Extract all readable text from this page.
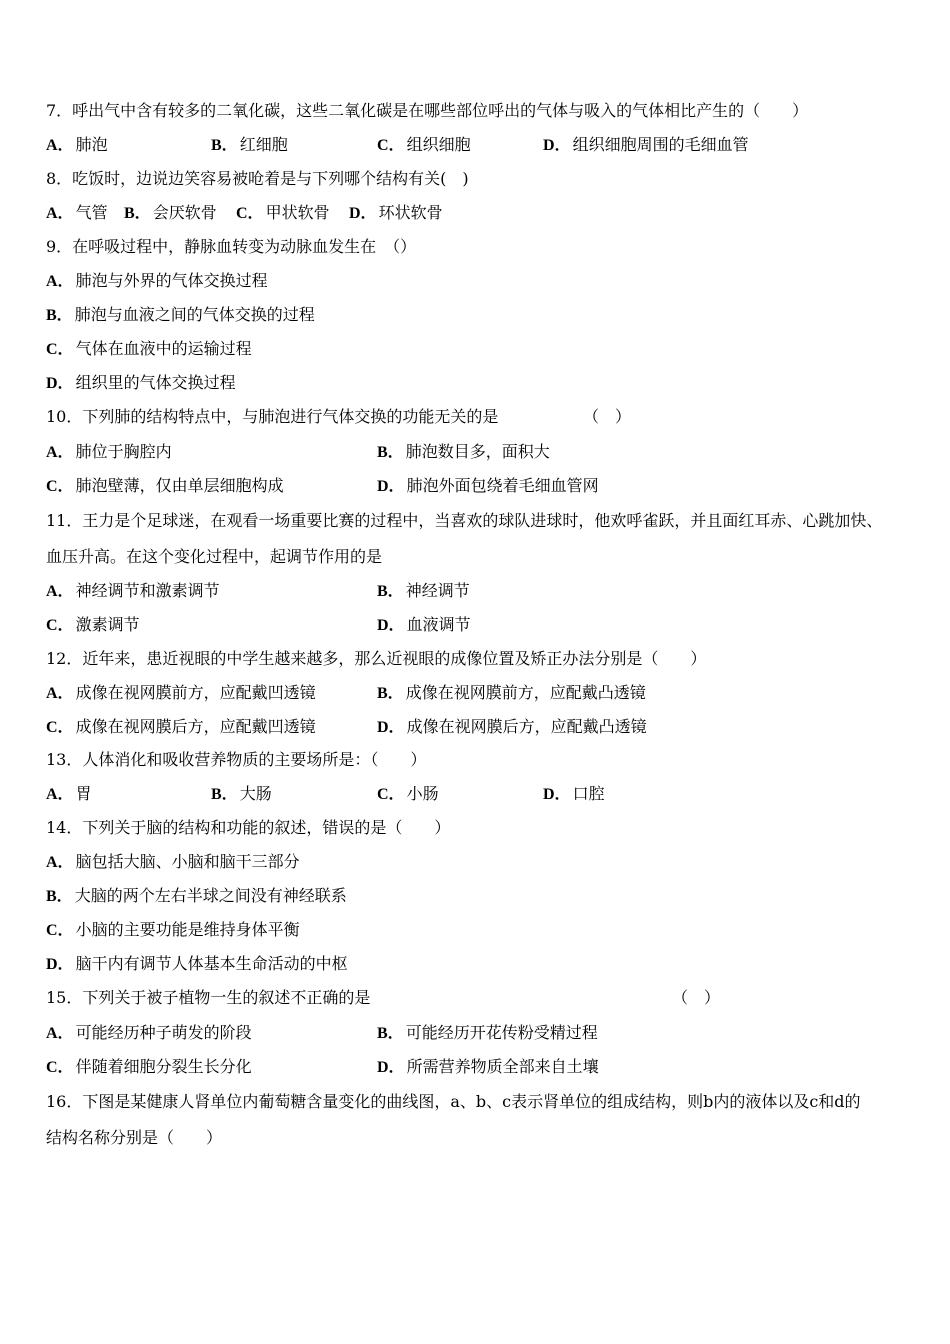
7．呼出气中含有较多的二氧化碳，这些二氧化碳是在哪些部位呼出的气体与吸入的气体相比产生的（　　）
A． 肺泡	B． 红细胞	C． 组织细胞	D． 组织细胞周围的毛细血管
8．吃饭时，边说边笑容易被呛着是与下列哪个结构有关(　)
A． 气管 B． 会厌软骨 C． 甲状软骨 D． 环状软骨
9．在呼吸过程中，静脉血转变为动脉血发生在　（）
A． 肺泡与外界的气体交换过程
B． 肺泡与血液之间的气体交换的过程
C． 气体在血液中的运输过程
D． 组织里的气体交换过程
10．下列肺的结构特点中，与肺泡进行气体交换的功能无关的是	（　）
A． 肺位于胸腔内	B． 肺泡数目多，面积大
C． 肺泡壁薄，仅由单层细胞构成	D． 肺泡外面包绕着毛细血管网
11．王力是个足球迷，在观看一场重要比赛的过程中，当喜欢的球队进球时，他欢呼雀跃，并且面红耳赤、心跳加快、
血压升高。在这个变化过程中，起调节作用的是
A． 神经调节和激素调节	B． 神经调节
C． 激素调节	D． 血液调节
12．近年来，患近视眼的中学生越来越多，那么近视眼的成像位置及矫正办法分别是（　　）
A． 成像在视网膜前方，应配戴凹透镜	B． 成像在视网膜前方，应配戴凸透镜
C． 成像在视网膜后方，应配戴凹透镜	D． 成像在视网膜后方，应配戴凸透镜
13．人体消化和吸收营养物质的主要场所是：（　　）
A． 胃	B． 大肠	C． 小肠	D． 口腔
14．下列关于脑的结构和功能的叙述，错误的是（　　）
A． 脑包括大脑、小脑和脑干三部分
B． 大脑的两个左右半球之间没有神经联系
C． 小脑的主要功能是维持身体平衡
D． 脑干内有调节人体基本生命活动的中枢
15．下列关于被子植物一生的叙述不正确的是	（　）
A． 可能经历种子萌发的阶段	B． 可能经历开花传粉受精过程
C． 伴随着细胞分裂生长分化	D． 所需营养物质全部来自土壤
16．下图是某健康人肾单位内葡萄糖含量变化的曲线图，a、b、c表示肾单位的组成结构，则b内的液体以及c和d的
结构名称分别是（　　）
